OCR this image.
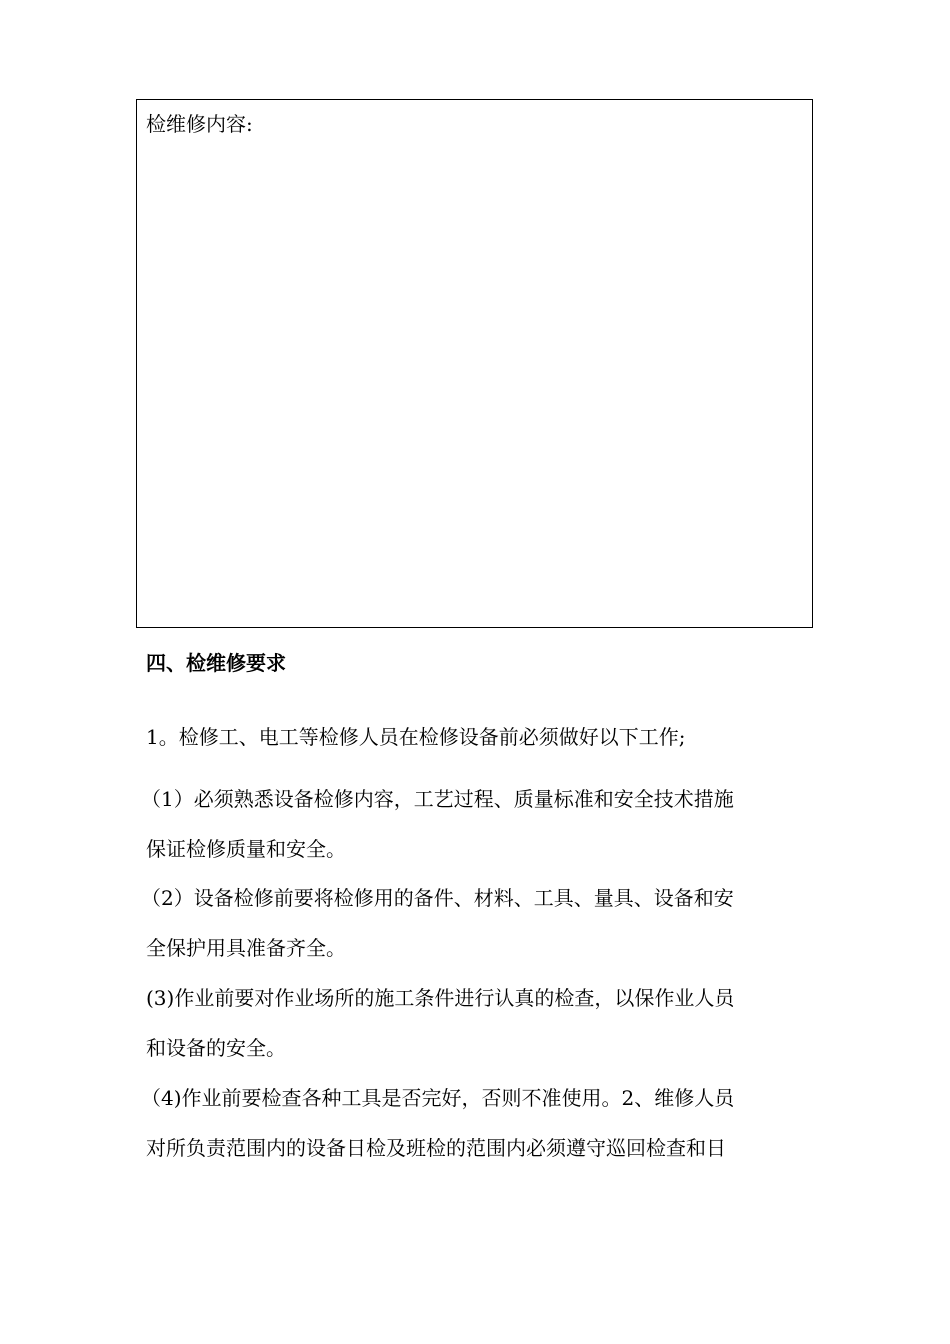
检维修内容:
四、检维修要求
1。检修工、电工等检修人员在检修设备前必须做好以下工作;
（1）必须熟悉设备检修内容，工艺过程、质量标准和安全技术措施
保证检修质量和安全。
（2）设备检修前要将检修用的备件、材料、工具、量具、设备和安
全保护用具准备齐全。
(3)作业前要对作业场所的施工条件进行认真的检查，以保作业人员
和设备的安全。
（4)作业前要检查各种工具是否完好，否则不准使用。2、维修人员
对所负责范围内的设备日检及班检的范围内必须遵守巡回检查和日
